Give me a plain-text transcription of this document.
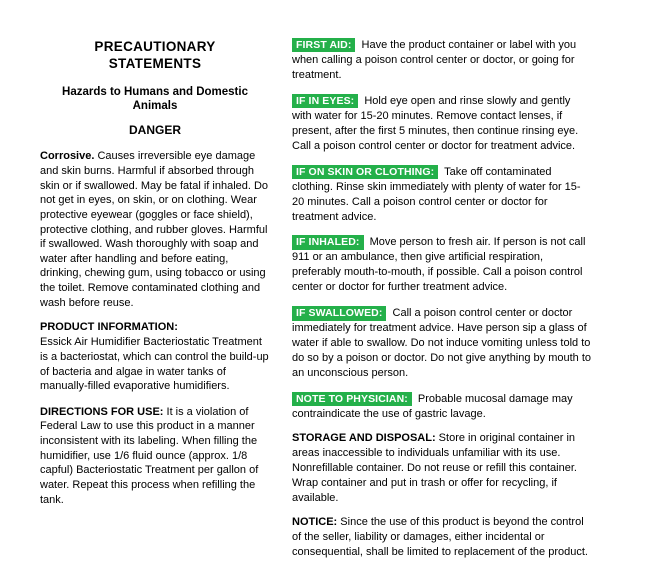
PRECAUTIONARY
STATEMENTS
Hazards to Humans and Domestic Animals
DANGER

Corrosive. Causes irreversible eye damage and skin burns. Harmful if absorbed through skin or if swallowed. May be fatal if inhaled. Do not get in eyes, on skin, or on clothing. Wear protective eyewear (goggles or face shield), protective clothing, and rubber gloves. Harmful if swallowed. Wash thoroughly with soap and water after handling and before eating, drinking, chewing gum, using tobacco or using the toilet. Remove contaminated clothing and wash before reuse.

PRODUCT INFORMATION:

Essick Air Humidifier Bacteriostatic Treatment is a bacteriostat, which can control the build-up of bacteria and algae in water tanks of manually-filled evaporative humidifiers.

DIRECTIONS FOR USE: It is a violation of Federal Law to use this product in a manner inconsistent with its labeling. When filling the humidifier, use 1/6 fluid ounce (approx. 1/8 capful) Bacteriostatic Treatment per gallon of water. Repeat this process when refilling the tank.

FIRST AID: Have the product container or label with you when calling a poison control center or doctor, or going for treatment.

IF IN EYES: Hold eye open and rinse slowly and gently with water for 15-20 minutes. Remove contact lenses, if present, after the first 5 minutes, then continue rinsing eye. Call a poison control center or doctor for treatment advice.

IF ON SKIN OR CLOTHING: Take off contaminated clothing. Rinse skin immediately with plenty of water for 15-20 minutes. Call a poison control center or doctor for treatment advice.

IF INHALED: Move person to fresh air. If person is not call 911 or an ambulance, then give artificial respiration, preferably mouth-to-mouth, if possible. Call a poison control center or doctor for further treatment advice.

IF SWALLOWED: Call a poison control center or doctor immediately for treatment advice. Have person sip a glass of water if able to swallow. Do not induce vomiting unless told to do so by a poison or doctor. Do not give anything by mouth to an unconscious person.

NOTE TO PHYSICIAN: Probable mucosal damage may contraindicate the use of gastric lavage.

STORAGE AND DISPOSAL: Store in original container in areas inaccessible to individuals unfamiliar with its use. Nonrefillable container. Do not reuse or refill this container. Wrap container and put in trash or offer for recycling, if available.

NOTICE: Since the use of this product is beyond the control of the seller, liability or damages, either incidental or consequential, shall be limited to replacement of the product.
